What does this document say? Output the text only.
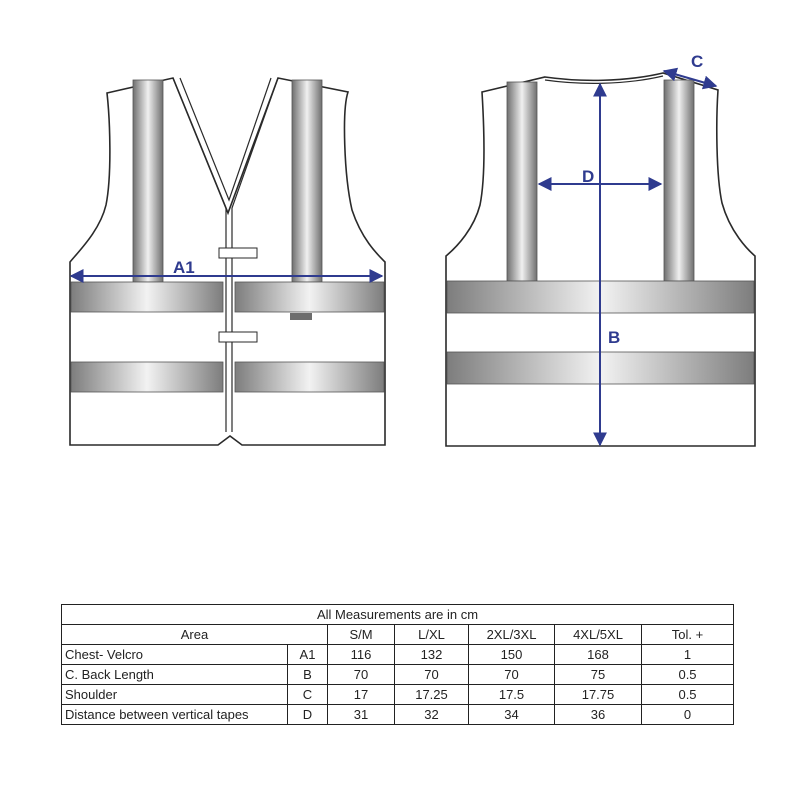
A1
D
B
C
All Measurements are in cm						
Area		S/M	L/XL	2XL/3XL	4XL/5XL	Tol. +
Chest- Velcro	A1	116	132	150	168	1
C. Back Length	B	70	70	70	75	0.5
Shoulder	C	17	17.25	17.5	17.75	0.5
Distance between vertical tapes	D	31	32	34	36	0
